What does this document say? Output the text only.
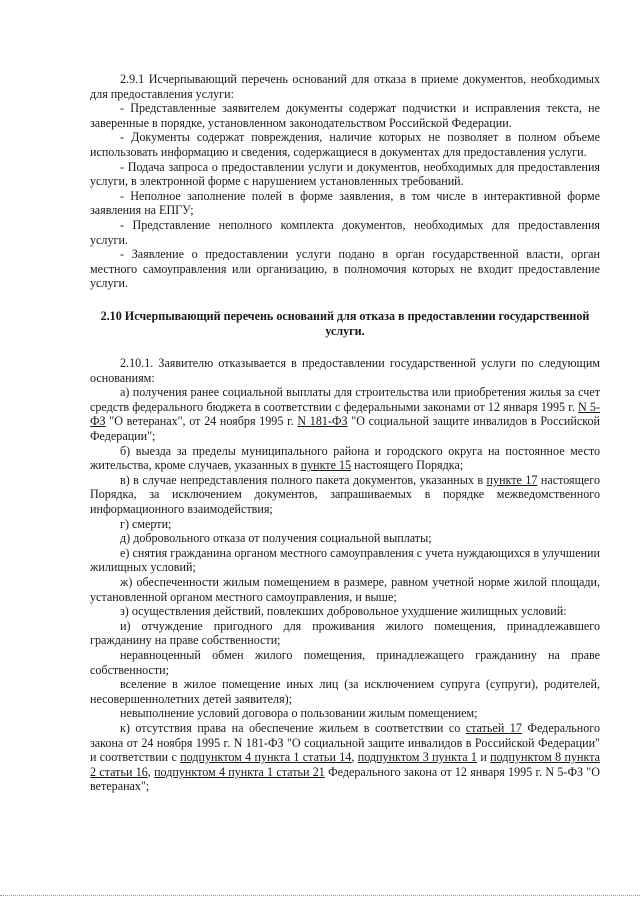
2.9.1 Исчерпывающий перечень оснований для отказа в приеме документов, необходимых для предоставления услуги:

- Представленные заявителем документы содержат подчистки и исправления текста, не заверенные в порядке, установленном законодательством Российской Федерации.

- Документы содержат повреждения, наличие которых не позволяет в полном объеме использовать информацию и сведения, содержащиеся в документах для предоставления услуги.

- Подача запроса о предоставлении услуги и документов, необходимых для предоставления услуги, в электронной форме с нарушением установленных требований.

- Неполное заполнение полей в форме заявления, в том числе в интерактивной форме заявления на ЕПГУ;

- Представление неполного комплекта документов, необходимых для предоставления услуги.

- Заявление о предоставлении услуги подано в орган государственной власти, орган местного самоуправления или организацию, в полномочия которых не входит предоставление услуги.

2.10 Исчерпывающий перечень оснований для отказа в предоставлении государственной услуги.

2.10.1. Заявителю отказывается в предоставлении государственной услуги по следующим основаниям:

а) получения ранее социальной выплаты для строительства или приобретения жилья за счет средств федерального бюджета в соответствии с федеральными законами от 12 января 1995 г. N 5-ФЗ "О ветеранах", от 24 ноября 1995 г. N 181-ФЗ "О социальной защите инвалидов в Российской Федерации";

б) выезда за пределы муниципального района и городского округа на постоянное место жительства, кроме случаев, указанных в пункте 15 настоящего Порядка;

в) в случае непредставления полного пакета документов, указанных в пункте 17 настоящего Порядка, за исключением документов, запрашиваемых в порядке межведомственного информационного взаимодействия;

г) смерти;

д) добровольного отказа от получения социальной выплаты;

е) снятия гражданина органом местного самоуправления с учета нуждающихся в улучшении жилищных условий;

ж) обеспеченности жилым помещением в размере, равном учетной норме жилой площади, установленной органом местного самоуправления, и выше;

з) осуществления действий, повлекших добровольное ухудшение жилищных условий:

и) отчуждение пригодного для проживания жилого помещения, принадлежавшего гражданину на праве собственности;

неравноценный обмен жилого помещения, принадлежащего гражданину на праве собственности;

вселение в жилое помещение иных лиц (за исключением супруга (супруги), родителей, несовершеннолетних детей заявителя);

невыполнение условий договора о пользовании жилым помещением;

к) отсутствия права на обеспечение жильем в соответствии со статьей 17 Федерального закона от 24 ноября 1995 г. N 181-ФЗ "О социальной защите инвалидов в Российской Федерации" и соответствии с подпунктом 4 пункта 1 статьи 14, подпунктом 3 пункта 1 и подпунктом 8 пункта 2 статьи 16, подпунктом 4 пункта 1 статьи 21 Федерального закона от 12 января 1995 г. N 5-ФЗ "О ветеранах";
